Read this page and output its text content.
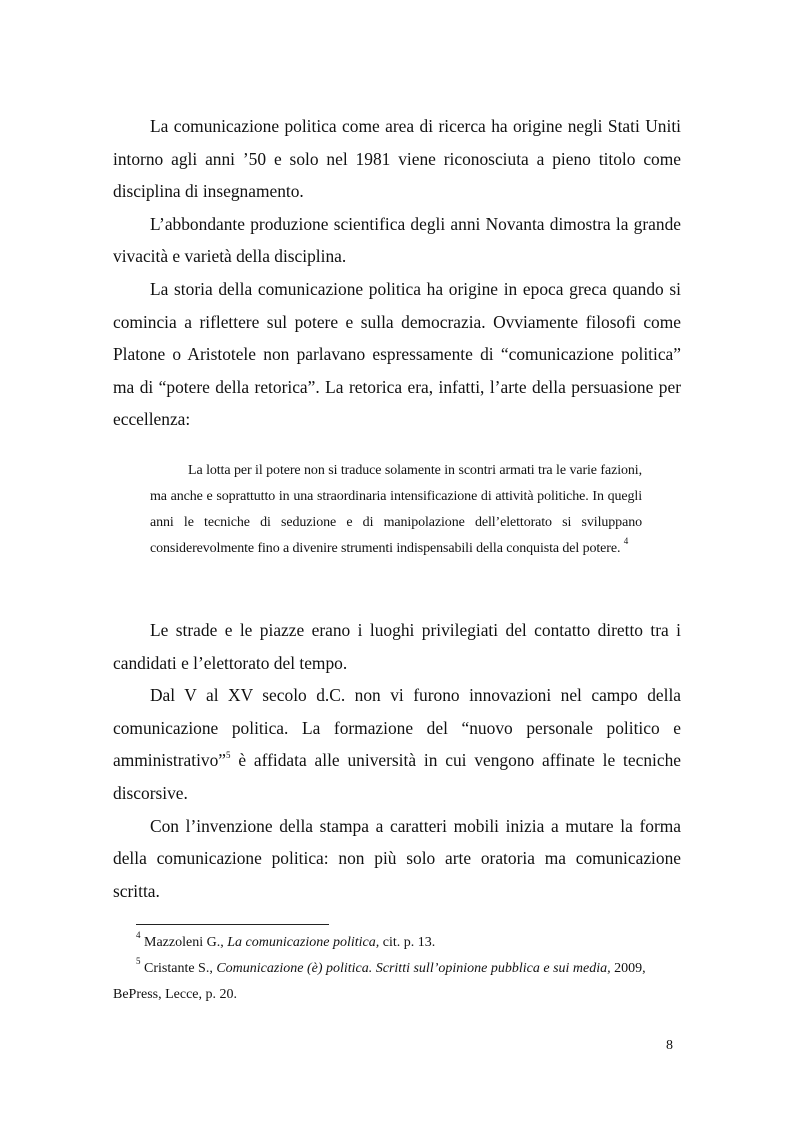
La comunicazione politica come area di ricerca ha origine negli Stati Uniti intorno agli anni ’50 e solo nel 1981 viene riconosciuta a pieno titolo come disciplina di insegnamento.

L’abbondante produzione scientifica degli anni Novanta dimostra la grande vivacità e varietà della disciplina.

La storia della comunicazione politica ha origine in epoca greca quando si comincia a riflettere sul potere e sulla democrazia. Ovviamente filosofi come Platone o Aristotele non parlavano espressamente di “comunicazione politica” ma di “potere della retorica”. La retorica era, infatti, l’arte della persuasione per eccellenza:

La lotta per il potere non si traduce solamente in scontri armati tra le varie fazioni, ma anche e soprattutto in una straordinaria intensificazione di attività politiche. In quegli anni le tecniche di seduzione e di manipolazione dell’elettorato si sviluppano considerevolmente fino a divenire strumenti indispensabili della conquista del potere. $^4$

Le strade e le piazze erano i luoghi privilegiati del contatto diretto tra i candidati e l’elettorato del tempo.

Dal V al XV secolo d.C. non vi furono innovazioni nel campo della comunicazione politica. La formazione del “nuovo personale politico e amministrativo”$^5$ è affidata alle università in cui vengono affinate le tecniche discorsive.

Con l’invenzione della stampa a caratteri mobili inizia a mutare la forma della comunicazione politica: non più solo arte oratoria ma comunicazione scritta.

$^4$ Mazzoleni G., La comunicazione politica, cit. p. 13.

$^5$ Cristante S., Comunicazione (è) politica. Scritti sull’opinione pubblica e sui media, 2009, BePress, Lecce, p. 20.

8
